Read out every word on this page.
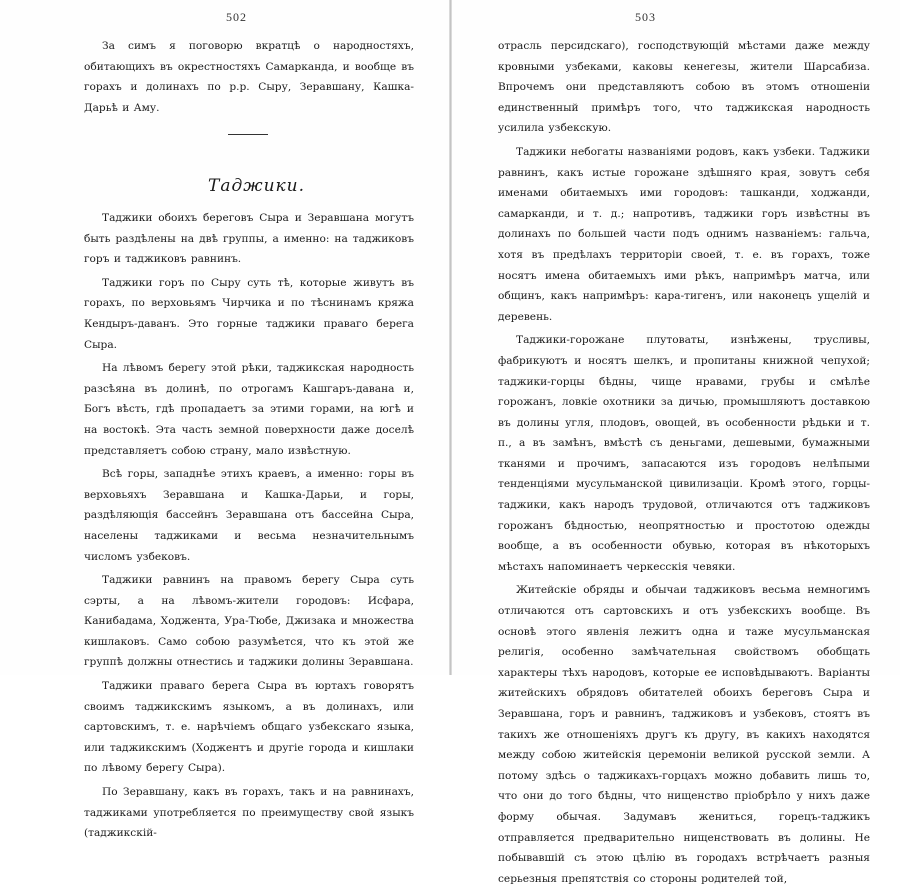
502

За симъ я поговорю вкратцѣ о народностяхъ, обитающихъ въ окрестностяхъ Самарканда, и вообще въ горахъ и долинахъ по р.р. Сыру, Зеравшану, Кашка-Дарьѣ и Аму.

Таджики.

Таджики обоихъ береговъ Сыра и Зеравшана могутъ быть раздѣлены на двѣ группы, а именно: на таджиковъ горъ и таджиковъ равнинъ.

Таджики горъ по Сыру суть тѣ, которые живутъ въ горахъ, по верховьямъ Чирчика и по тѣснинамъ кряжа Кендыръ-даванъ. Это горные таджики праваго берега Сыра.

На лѣвомъ берегу этой рѣки, таджикская народность разсѣяна въ долинѣ, по отрогамъ Кашгаръ-давана и, Богъ вѣсть, гдѣ пропадаетъ за этими горами, на югѣ и на востокѣ. Эта часть земной поверхности даже доселѣ представляетъ собою страну, мало извѣстную.

Всѣ горы, западнѣе этихъ краевъ, а именно: горы въ верховьяхъ Зеравшана и Кашка-Дарьи, и горы, раздѣляющія бассейнъ Зеравшана отъ бассейна Сыра, населены таджиками и весьма незначительнымъ числомъ узбековъ.

Таджики равнинъ на правомъ берегу Сыра суть сэрты, а на лѣвомъ-жители городовъ: Исфара, Канибадама, Ходжента, Ура-Тюбе, Джизака и множества кишлаковъ. Само собою разумѣется, что къ этой же группѣ должны отнестись и таджики долины Зеравшана.

Таджики праваго берега Сыра въ юртахъ говорятъ своимъ таджикскимъ языкомъ, а въ долинахъ, или сартовскимъ, т. е. нарѣчіемъ общаго узбекскаго языка, или таджикскимъ (Ходжентъ и другіе города и кишлаки по лѣвому берегу Сыра).

По Зеравшану, какъ въ горахъ, такъ и на равнинахъ, таджиками употребляется по преимуществу свой языкъ (таджикскій-

503

отрасль персидскаго), господствующій мѣстами даже между кровными узбеками, каковы кенегезы, жители Шарсабиза. Впрочемъ они представляютъ собою въ этомъ отношеніи единственный примѣръ того, что таджикская народность усилила узбекскую.

Таджики небогаты названіями родовъ, какъ узбеки. Таджики равнинъ, какъ истые горожане здѣшняго края, зовутъ себя именами обитаемыхъ ими городовъ: ташканди, ходжанди, самарканди, и т. д.; напротивъ, таджики горъ извѣстны въ долинахъ по большей части подъ однимъ названіемъ: гальча, хотя въ предѣлахъ территоріи своей, т. е. въ горахъ, тоже носятъ имена обитаемыхъ ими рѣкъ, напримѣръ матча, или общинъ, какъ напримѣръ: кара-тигенъ, или наконецъ ущелій и деревень.

Таджики-горожане плутоваты, изнѣжены, трусливы, фабрикуютъ и носятъ шелкъ, и пропитаны книжной чепухой; таджики-горцы бѣдны, чище нравами, грубы и смѣлѣе горожанъ, ловкіе охотники за дичью, промышляютъ доставкою въ долины угля, плодовъ, овощей, въ особенности рѣдьки и т. п., а въ замѣнъ, вмѣстѣ съ деньгами, дешевыми, бумажными тканями и прочимъ, запасаются изъ городовъ нелѣпыми тенденціями мусульманской цивилизаціи. Кромѣ этого, горцы-таджики, какъ народъ трудовой, отличаются отъ таджиковъ горожанъ бѣдностью, неопрятностью и простотою одежды вообще, а въ особенности обувью, которая въ нѣкоторыхъ мѣстахъ напоминаетъ черкесскія чевяки.

Житейскіе обряды и обычаи таджиковъ весьма немногимъ отличаются отъ сартовскихъ и отъ узбекскихъ вообще. Въ основѣ этого явленія лежитъ одна и таже мусульманская религія, особенно замѣчательная свойствомъ обобщать характеры тѣхъ народовъ, которые ее исповѣдываютъ. Варіанты житейскихъ обрядовъ обитателей обоихъ береговъ Сыра и Зеравшана, горъ и равнинъ, таджиковъ и узбековъ, стоятъ въ такихъ же отношеніяхъ другъ къ другу, въ какихъ находятся между собою житейскія церемоніи великой русской земли. А потому здѣсь о таджикахъ-горцахъ можно добавить лишь то, что они до того бѣдны, что нищенство пріобрѣло у нихъ даже форму обычая. Задумавъ жениться, горецъ-таджикъ отправляется предварительно нищенствовать въ долины. Не побывавшій съ этою цѣлію въ городахъ встрѣчаетъ разныя серьезныя препятствія со стороны родителей той,
